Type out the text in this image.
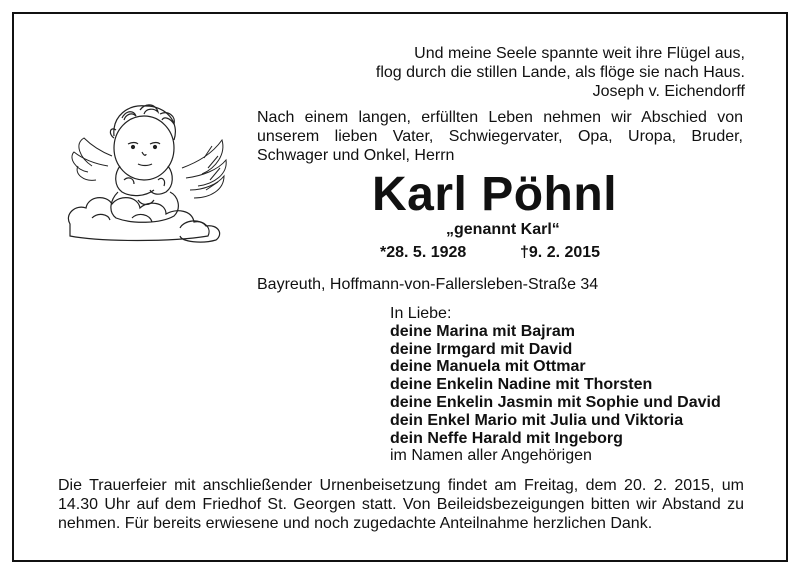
Und meine Seele spannte weit ihre Flügel aus,
flog durch die stillen Lande, als flöge sie nach Haus.
Joseph v. Eichendorff
Nach einem langen, erfüllten Leben nehmen wir Abschied von unserem lieben Vater, Schwiegervater, Opa, Uropa, Bruder, Schwager und Onkel, Herrn
Karl Pöhnl
„genannt Karl“
*28. 5. 1928	†9. 2. 2015
Bayreuth, Hoffmann-von-Fallersleben-Straße 34
In Liebe:
deine Marina mit Bajram
deine Irmgard mit David
deine Manuela mit Ottmar
deine Enkelin Nadine mit Thorsten
deine Enkelin Jasmin mit Sophie und David
dein Enkel Mario mit Julia und Viktoria
dein Neffe Harald mit Ingeborg
im Namen aller Angehörigen
Die Trauerfeier mit anschließender Urnenbeisetzung findet am Freitag, dem 20. 2. 2015, um 14.30 Uhr auf dem Friedhof St. Georgen statt. Von Beileidsbezeigungen bitten wir Abstand zu nehmen. Für bereits erwiesene und noch zugedachte Anteilnahme herzlichen Dank.
